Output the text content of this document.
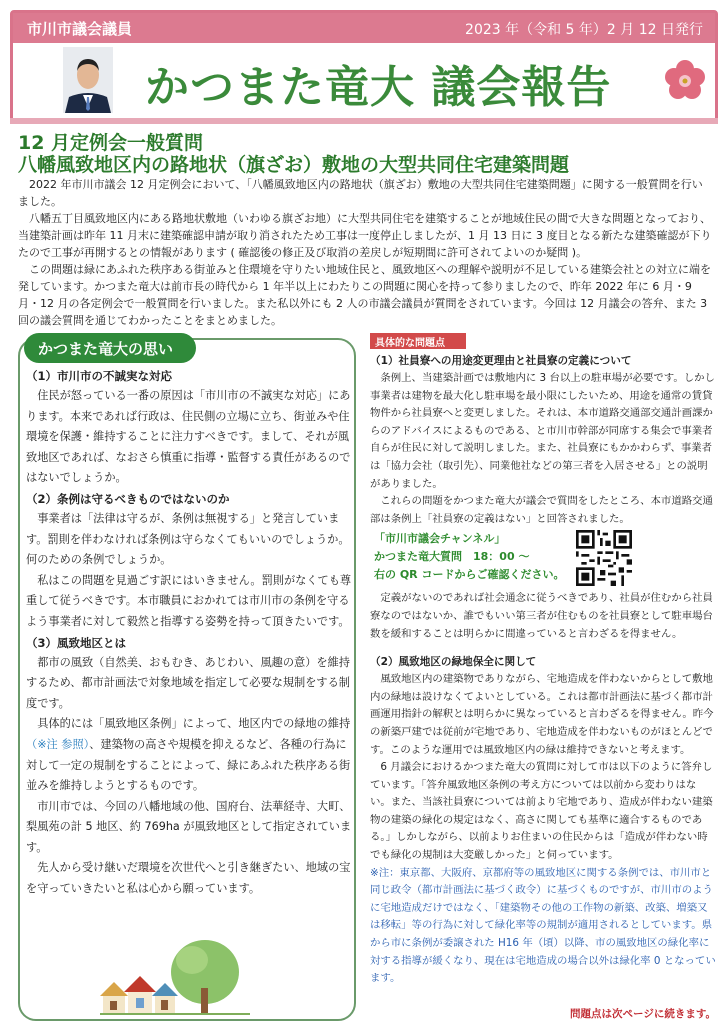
市川市議会議員	2023 年（令和 5 年）2 月 12 日発行
かつまた竜大 議会報告
12 月定例会一般質問
八幡風致地区内の路地状（旗ざお）敷地の大型共同住宅建築問題

2022 年市川市議会 12 月定例会において、「八幡風致地区内の路地状（旗ざお）敷地の大型共同住宅建築問題」に関する一般質問を行いました。

八幡五丁目風致地区内にある路地状敷地（いわゆる旗ざお地）に大型共同住宅を建築することが地域住民の間で大きな問題となっており、当建築計画は昨年 11 月末に建築確認申請が取り消されたため工事は一度停止しましたが、1 月 13 日に 3 度目となる新たな建築確認が下りたので工事が再開するとの情報があります ( 確認後の修正及び取消の差戻しが短期間に許可されてよいのか疑問 )。

この問題は緑にあふれた秩序ある街並みと住環境を守りたい地域住民と、風致地区への理解や説明が不足している建築会社との対立に端を発しています。かつまた竜大は前市長の時代から 1 年半以上にわたりこの問題に関心を持って参りましたので、昨年 2022 年に 6 月・9 月・12 月の各定例会で一般質問を行いました。また私以外にも 2 人の市議会議員が質問をされています。今回は 12 月議会の答弁、また 3 回の議会質問を通じてわかったことをまとめました。

かつまた竜大の思い
（1）市川市の不誠実な対応

住民が怒っている一番の原因は「市川市の不誠実な対応」にあります。本来であれば行政は、住民側の立場に立ち、街並みや住環境を保護・維持することに注力すべきです。まして、それが風致地区であれば、なおさら慎重に指導・監督する責任があるのではないでしょうか。

（2）条例は守るべきものではないのか

事業者は「法律は守るが、条例は無視する」と発言しています。罰則を伴わなければ条例は守らなくてもいいのでしょうか。何のための条例でしょうか。

私はこの問題を見過ごす訳にはいきません。罰則がなくても尊重して従うべきです。本市職員におかれては市川市の条例を守るよう事業者に対して毅然と指導する姿勢を持って頂きたいです。

（3）風致地区とは

都市の風致（自然美、おもむき、あじわい、風趣の意）を維持するため、都市計画法で対象地域を指定して必要な規制をする制度です。

具体的には「風致地区条例」によって、地区内での緑地の維持（※注 参照）、建築物の高さや規模を抑えるなど、各種の行為に対して一定の規制をすることによって、緑にあふれた秩序ある街並みを維持しようとするものです。

市川市では、今回の八幡地域の他、国府台、法華経寺、大町、梨風苑の計 5 地区、約 769ha が風致地区として指定されています。

先人から受け継いだ環境を次世代へと引き継ぎたい、地域の宝を守っていきたいと私は心から願っています。

具体的な問題点
（1）社員寮への用途変更理由と社員寮の定義について

条例上、当建築計画では敷地内に 3 台以上の駐車場が必要です。しかし事業者は建物を最大化し駐車場を最小限にしたいため、用途を通常の賃貸物件から社員寮へと変更しました。それは、本市道路交通部交通計画課からのアドバイスによるものである、と市川市幹部が同席する集会で事業者自らが住民に対して説明しました。また、社員寮にもかかわらず、事業者は「協力会社（取引先）、同業他社などの第三者を入居させる」との説明がありました。

これらの問題をかつまた竜大が議会で質問をしたところ、本市道路交通部は条例上「社員寮の定義はない」と回答されました。

「市川市議会チャンネル」
かつまた竜大質問　18：00 ～
右の QR コードからご確認ください。

定義がないのであれば社会通念に従うべきであり、社員が住むから社員寮なのではないか、誰でもいい第三者が住むものを社員寮として駐車場台数を緩和することは明らかに間違っていると言わざるを得ません。

（2）風致地区の緑地保全に関して

風致地区内の建築物でありながら、宅地造成を伴わないからとして敷地内の緑地は設けなくてよいとしている。これは都市計画法に基づく都市計画運用指針の解釈とは明らかに異なっていると言わざるを得ません。昨今の新築戸建では従前が宅地であり、宅地造成を伴わないものがほとんどです。このような運用では風致地区内の緑は維持できないと考えます。

6 月議会におけるかつまた竜大の質問に対して市は以下のように答弁しています。「答弁風致地区条例の考え方については以前から変わりはない。また、当該社員寮については前より宅地であり、造成が伴わない建築物の建築の緑化の規定はなく、高さに関しても基準に適合するものである。」しかしながら、以前よりお住まいの住民からは「造成が伴わない時でも緑化の規制は大変厳しかった」と伺っています。

※注：東京都、大阪府、京都府等の風致地区に関する条例では、市川市と同じ政令（都市計画法に基づく政令）に基づくものですが、市川市のように宅地造成だけではなく、「建築物その他の工作物の新築、改築、増築又は移転」等の行為に対して緑化率等の規制が適用されるとしています。県から市に条例が委譲された H16 年（頃）以降、市の風致地区の緑化率に対する指導が緩くなり、現在は宅地造成の場合以外は緑化率 0 となっています。

問題点は次ページに続きます。
